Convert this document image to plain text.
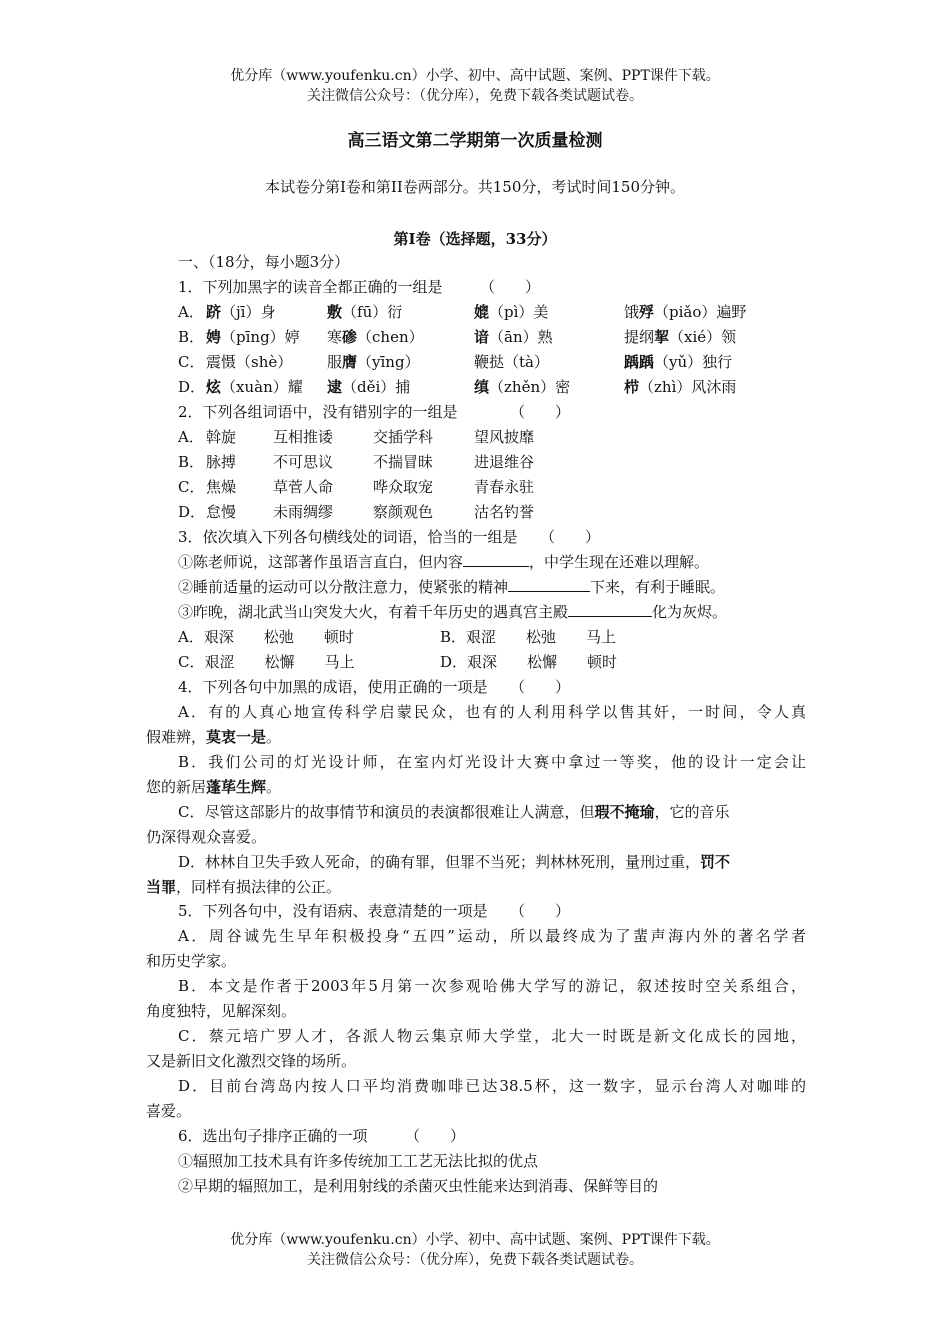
优分库（www.youfenku.cn）小学、初中、高中试题、案例、PPT课件下载。
关注微信公众号：（优分库），免费下载各类试题试卷。
高三语文第二学期第一次质量检测
本试卷分第I卷和第II卷两部分。共150分，考试时间150分钟。
第I卷（选择题，33分）
一、（18分，每小题3分）
1．下列加黑字的读音全都正确的一组是　　　（　　）
A． 跻（jī）身	敷（fū）衍	媲（pì）美	饿殍（piǎo）遍野
B． 娉（pīng）婷 寒碜（chen）	谙（ān）熟	提纲挈（xié）领
C． 震慑（shè） 服膺（yīng）	鞭挞（tà）	踽踽（yǔ）独行
D． 炫（xuàn）耀 逮（děi）捕	缜（zhěn）密	栉（zhì）风沐雨
2．下列各组词语中，没有错别字的一组是　　　　（　　）
A． 斡旋 互相推诿	交插学科	望风披靡
B． 脉搏 不可思议	不揣冒昧	进退维谷
C． 焦燥 草菅人命	哗众取宠	青春永驻
D． 怠慢 未雨绸缪	察颜观色	沽名钓誉
3．依次填入下列各句横线处的词语，恰当的一组是　　（　　）
①陈老师说，这部著作虽语言直白，但内容	，中学生现在还难以理解。
②睡前适量的运动可以分散注意力，使紧张的精神	下来，有利于睡眠。
③昨晚，湖北武当山突发大火，有着千年历史的遇真宫主殿	化为灰烬。
A．艰深　　松弛　　顿时	B．艰涩　　松弛　　马上
C．艰涩　　松懈　　马上	D．艰深　　松懈　　顿时
4．下列各句中加黑的成语，使用正确的一项是　　（　　）
A．有的人真心地宣传科学启蒙民众，也有的人利用科学以售其奸，一时间，令人真
假难辨，莫衷一是。
B．我们公司的灯光设计师，在室内灯光设计大赛中拿过一等奖，他的设计一定会让
您的新居蓬荜生辉。
C．尽管这部影片的故事情节和演员的表演都很难让人满意，但瑕不掩瑜，它的音乐
仍深得观众喜爱。
D．林林自卫失手致人死命，的确有罪，但罪不当死；判林林死刑，量刑过重，罚不
当罪，同样有损法律的公正。
5．下列各句中，没有语病、表意清楚的一项是　　（　　）
A．周谷诚先生早年积极投身“五四”运动，所以最终成为了蜚声海内外的著名学者
和历史学家。
B．本文是作者于2003年5月第一次参观哈佛大学写的游记，叙述按时空关系组合，
角度独特，见解深刻。
C．蔡元培广罗人才，各派人物云集京师大学堂，北大一时既是新文化成长的园地，
又是新旧文化激烈交锋的场所。
D．目前台湾岛内按人口平均消费咖啡已达38.5杯，这一数字，显示台湾人对咖啡的
喜爱。
6．选出句子排序正确的一项　　　（　　）
①辐照加工技术具有许多传统加工工艺无法比拟的优点
②早期的辐照加工，是利用射线的杀菌灭虫性能来达到消毒、保鲜等目的
优分库（www.youfenku.cn）小学、初中、高中试题、案例、PPT课件下载。
关注微信公众号：（优分库），免费下载各类试题试卷。
